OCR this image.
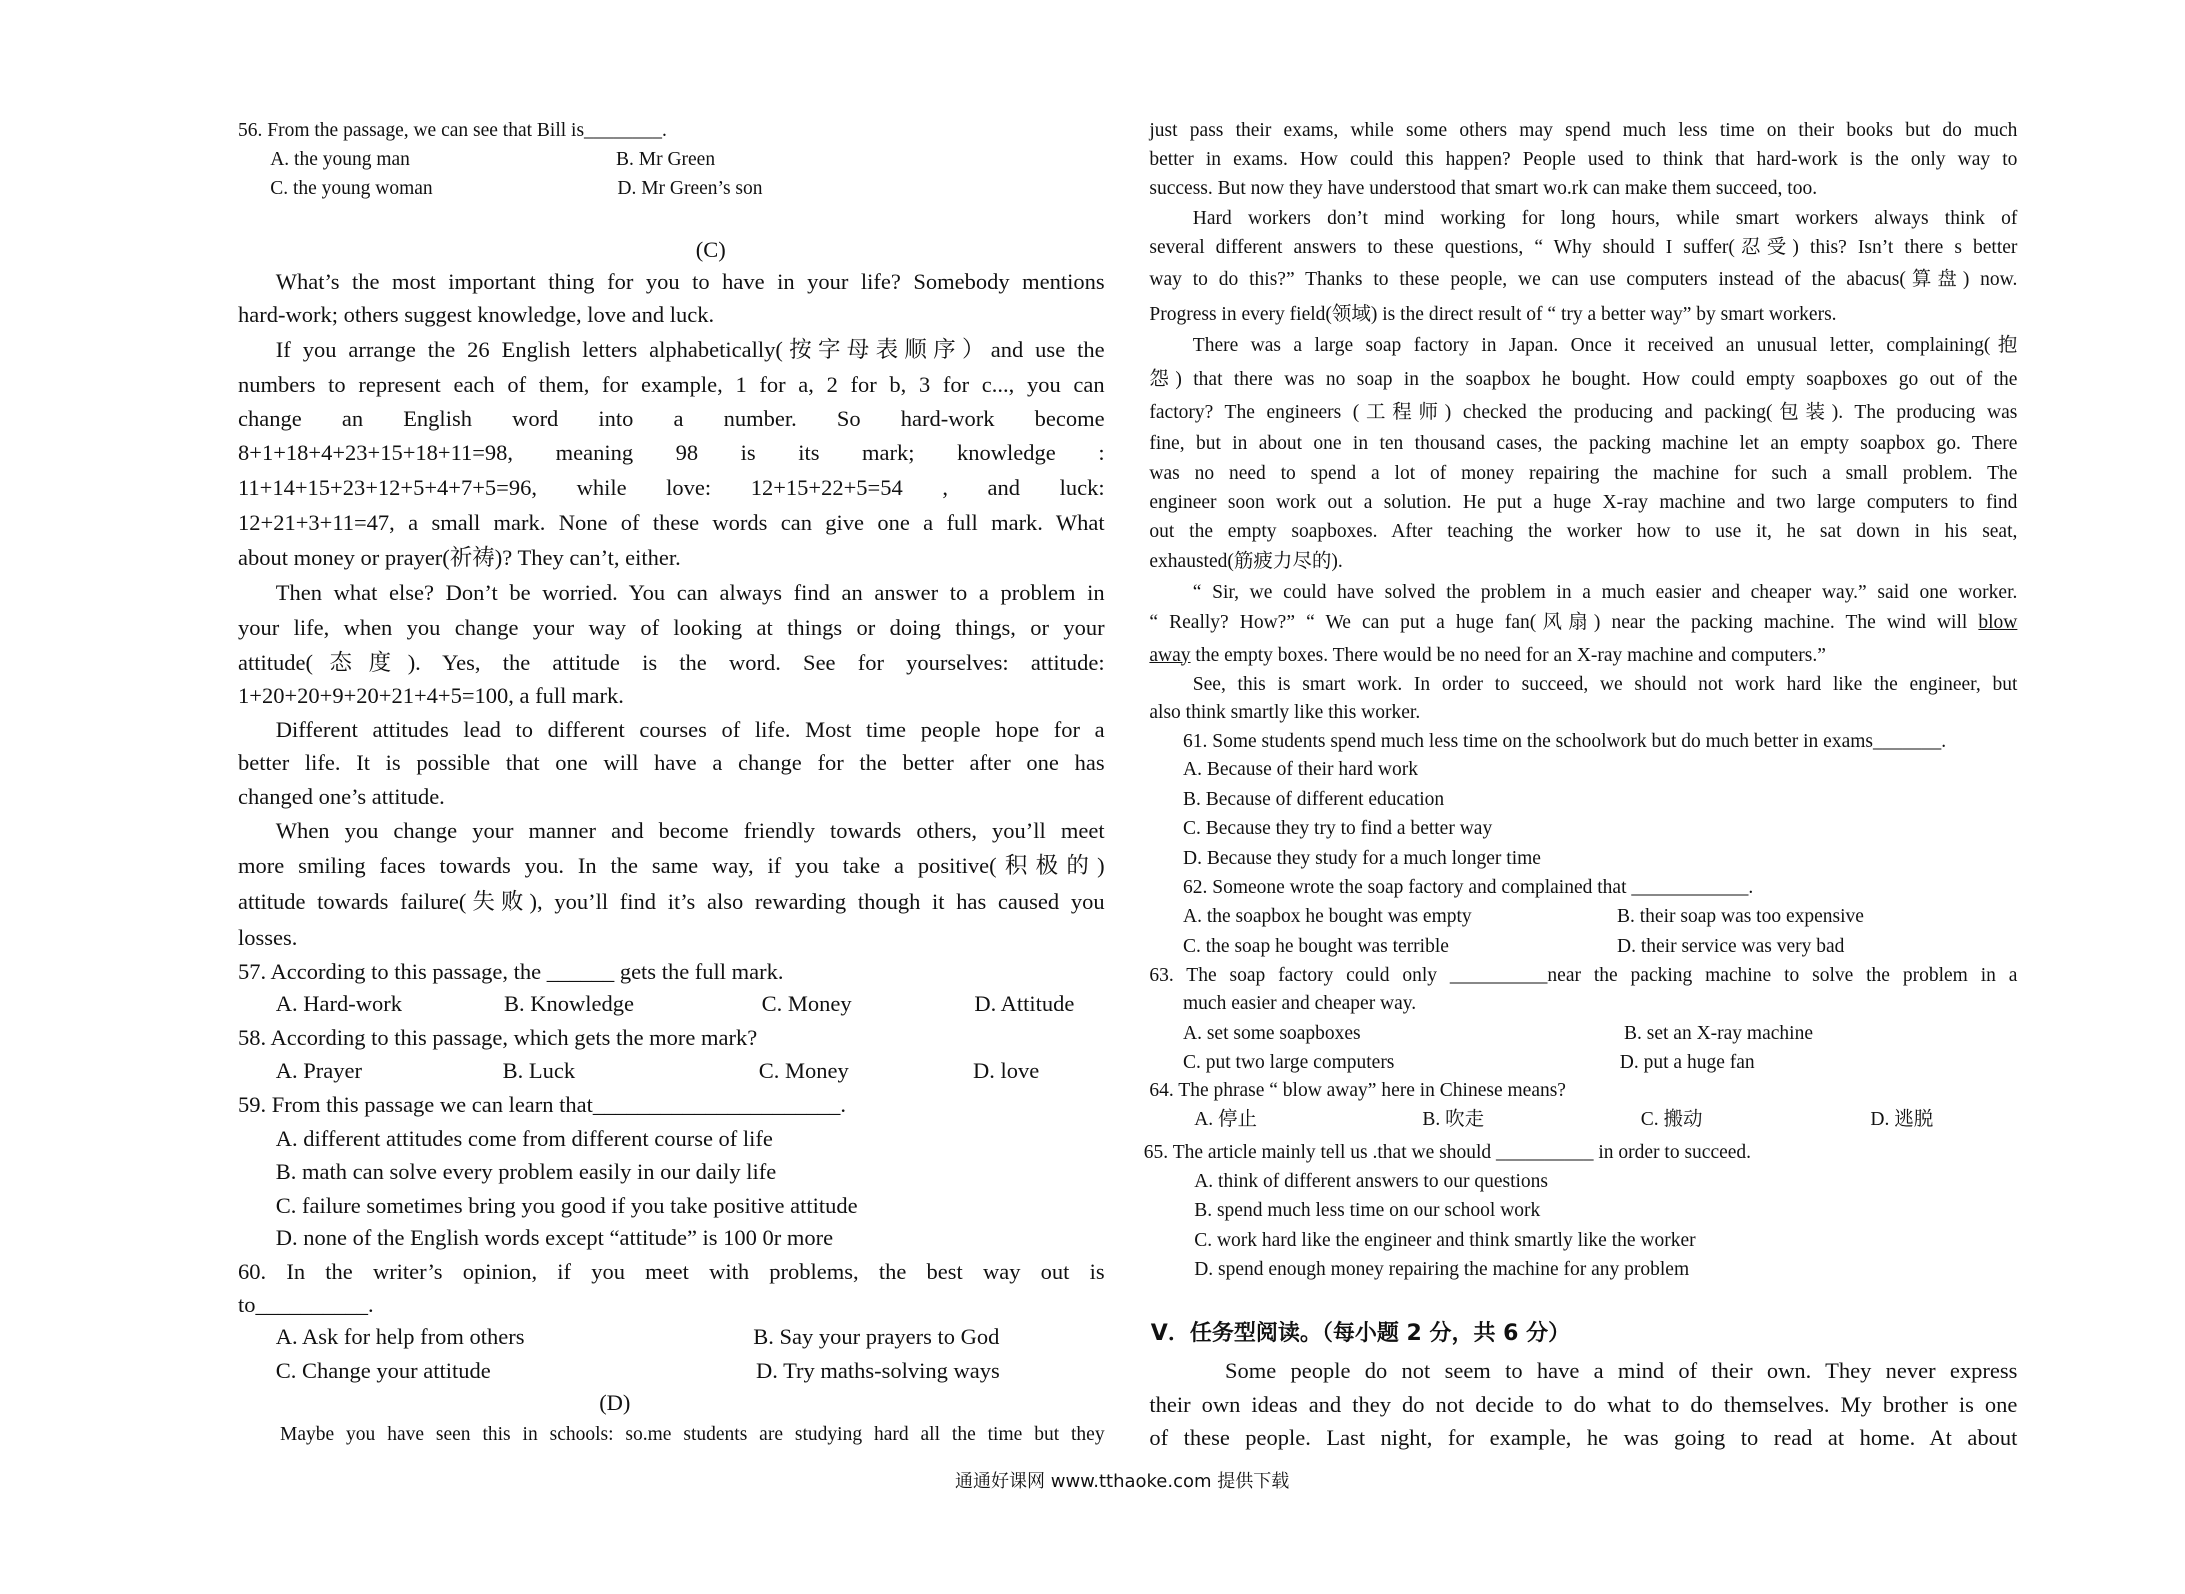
56. From the passage, we can see that Bill is________.
A. the young man	B. Mr Green
C. the young woman	D. Mr Green’s son
(C)
What’s the most important thing for you to have in your life? Somebody mentions
hard-work; others suggest knowledge, love and luck.
If you arrange the 26 English letters alphabetically(按字母表顺序）and use the
numbers to represent each of them, for example, 1 for a, 2 for b, 3 for c..., you can
change an English word into a number. So hard-work become
8+1+18+4+23+15+18+11=98, meaning 98 is its mark; knowledge :
11+14+15+23+12+5+4+7+5=96, while love: 12+15+22+5=54 , and luck:
12+21+3+11=47, a small mark. None of these words can give one a full mark. What
about money or prayer(祈祷)? They can’t, either.
Then what else? Don’t be worried. You can always find an answer to a problem in
your life, when you change your way of looking at things or doing things, or your
attitude(态度). Yes, the attitude is the word. See for yourselves: attitude:
1+20+20+9+20+21+4+5=100, a full mark.
Different attitudes lead to different courses of life. Most time people hope for a
better life. It is possible that one will have a change for the better after one has
changed one’s attitude.
When you change your manner and become friendly towards others, you’ll meet
more smiling faces towards you. In the same way, if you take a positive(积极的)
attitude towards failure(失败), you’ll find it’s also rewarding though it has caused you
losses.
57. According to this passage, the ______ gets the full mark.
A. Hard-work	B. Knowledge	C. Money	D. Attitude
58. According to this passage, which gets the more mark?
A. Prayer	B. Luck	C. Money	D. love
59. From this passage we can learn that______________________.
A. different attitudes come from different course of life
B. math can solve every problem easily in our daily life
C. failure sometimes bring you good if you take positive attitude
D. none of the English words except “attitude” is 100 0r more
60. In the writer’s opinion, if you meet with problems, the best way out is
to__________.
A. Ask for help from others	B. Say your prayers to God
C. Change your attitude	D. Try maths-solving ways
(D)
Maybe you have seen this in schools: so.me students are studying hard all the time but they
just pass their exams, while some others may spend much less time on their books but do much
better in exams. How could this happen? People used to think that hard-work is the only way to
success. But now they have understood that smart wo.rk can make them succeed, too.
Hard workers don’t mind working for long hours, while smart workers always think of
several different answers to these questions, “ Why should I suffer(忍受) this? Isn’t there s better
way to do this?” Thanks to these people, we can use computers instead of the abacus(算盘) now.
Progress in every field(领域) is the direct result of “ try a better way” by smart workers.
There was a large soap factory in Japan. Once it received an unusual letter, complaining(抱
怨) that there was no soap in the soapbox he bought. How could empty soapboxes go out of the
factory? The engineers (工程师) checked the producing and packing(包装). The producing was
fine, but in about one in ten thousand cases, the packing machine let an empty soapbox go. There
was no need to spend a lot of money repairing the machine for such a small problem. The
engineer soon work out a solution. He put a huge X-ray machine and two large computers to find
out the empty soapboxes. After teaching the worker how to use it, he sat down in his seat,
exhausted(筋疲力尽的).
“ Sir, we could have solved the problem in a much easier and cheaper way.” said one worker.
“ Really? How?” “ We can put a huge fan(风扇) near the packing machine. The wind will blow
away the empty boxes. There would be no need for an X-ray machine and computers.”
See, this is smart work. In order to succeed, we should not work hard like the engineer, but
also think smartly like this worker.
61. Some students spend much less time on the schoolwork but do much better in exams_______.
A. Because of their hard work
B. Because of different education
C. Because they try to find a better way
D. Because they study for a much longer time
62. Someone wrote the soap factory and complained that ____________.
A. the soapbox he bought was empty	B. their soap was too expensive
C. the soap he bought was terrible	D. their service was very bad
63. The soap factory could only __________near the packing machine to solve the problem in a
much easier and cheaper way.
A. set some soapboxes	B. set an X-ray machine
C. put two large computers	D. put a huge fan
64. The phrase “ blow away” here in Chinese means?
A. 停止	B. 吹走	C. 搬动	D. 逃脱
65. The article mainly tell us .that we should __________ in order to succeed.
A. think of different answers to our questions
B. spend much less time on our school work
C. work hard like the engineer and think smartly like the worker
D. spend enough money repairing the machine for any problem
V．任务型阅读。（每小题 2 分，共 6 分）
Some people do not seem to have a mind of their own. They never express
their own ideas and they do not decide to do what to do themselves. My brother is one
of these people. Last night, for example, he was going to read at home. At about
通通好课网 www.tthaoke.com 提供下载
